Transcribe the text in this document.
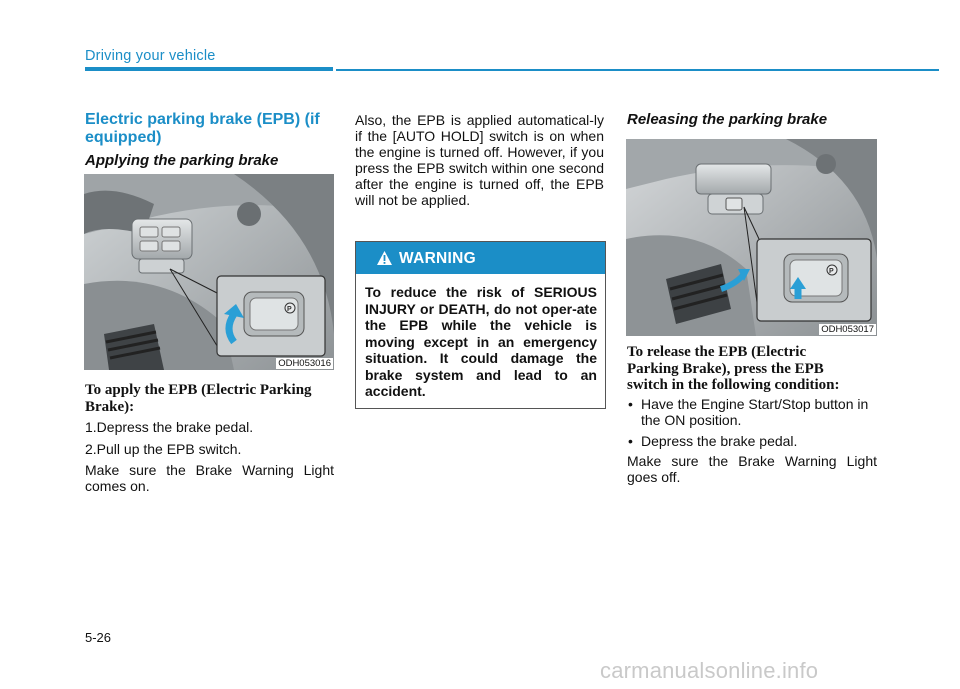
Driving your vehicle
Electric parking brake (EPB) (if equipped)
Applying the parking brake
P
ODH053016
To apply the EPB (Electric Parking Brake):
1.Depress the brake pedal.
2.Pull up the EPB switch.
Make sure the Brake Warning Light comes on.
Also, the EPB is applied automatical-ly if the [AUTO HOLD] switch is on when the engine is turned off. However, if you press the EPB switch within one second after the engine is turned off, the EPB will not be applied.
WARNING
To reduce the risk of SERIOUS INJURY or DEATH, do not oper-ate the EPB while the vehicle is moving except in an emergency situation. It could damage the brake system and lead to an accident.
Releasing the parking brake
P
ODH053017
To release the EPB (Electric Parking Brake), press the EPB switch in the following condition:
• Have the Engine Start/Stop button in the ON position.
• Depress the brake pedal.
Make sure the Brake Warning Light goes off.
5-26
carmanualsonline.info
